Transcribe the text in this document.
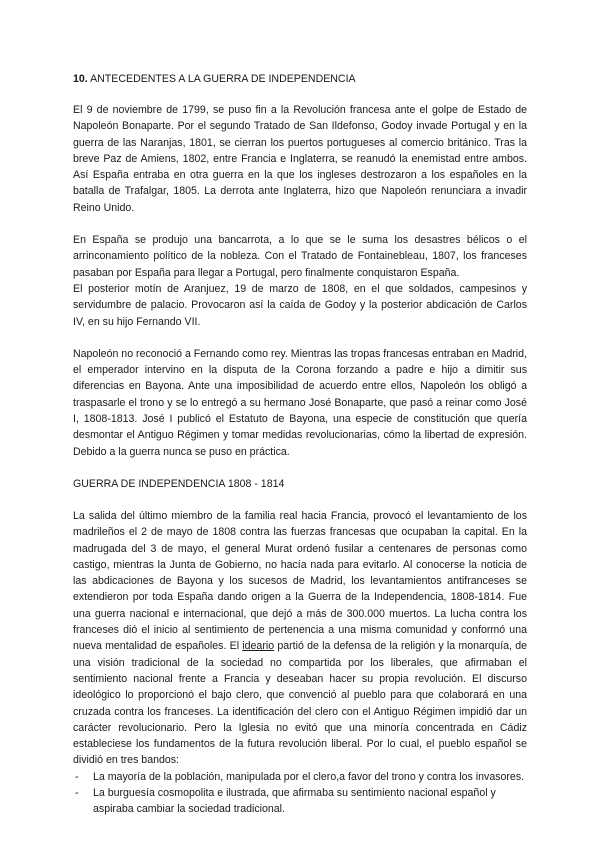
10. ANTECEDENTES A LA GUERRA DE INDEPENDENCIA

El 9 de noviembre de 1799, se puso fin a la Revolución francesa ante el golpe de Estado de Napoleón Bonaparte. Por el segundo Tratado de San Ildefonso, Godoy invade Portugal y en la guerra de las Naranjas, 1801, se cierran los puertos portugueses al comercio británico. Tras la breve Paz de Amiens, 1802, entre Francia e Inglaterra, se reanudó la enemistad entre ambos. Así España entraba en otra guerra en la que los ingleses destrozaron a los españoles en la batalla de Trafalgar, 1805. La derrota ante Inglaterra, hizo que Napoleón renunciara a invadir Reino Unido.

En España se produjo una bancarrota, a lo que se le suma los desastres bélicos o el arrinconamiento político de la nobleza. Con el Tratado de Fontainebleau, 1807, los franceses pasaban por España para llegar a Portugal, pero finalmente conquistaron España.

El posterior motín de Aranjuez, 19 de marzo de 1808, en el que soldados, campesinos y servidumbre de palacio. Provocaron así la caída de Godoy y la posterior abdicación de Carlos IV, en su hijo Fernando VII.

Napoleón no reconoció a Fernando como rey. Mientras las tropas francesas entraban en Madrid, el emperador intervino en la disputa de la Corona forzando a padre e hijo a dimitir sus diferencias en Bayona. Ante una imposibilidad de acuerdo entre ellos, Napoleón los obligó a traspasarle el trono y se lo entregó a su hermano José Bonaparte, que pasó a reinar como José I, 1808-1813. José I publicó el Estatuto de Bayona, una especie de constitución que quería desmontar el Antiguo Régimen y tomar medidas revolucionarias, cómo la libertad de expresión. Debido a la guerra nunca se puso en práctica.

GUERRA DE INDEPENDENCIA 1808 - 1814

La salida del último miembro de la familia real hacia Francia, provocó el levantamiento de los madrileños el 2 de mayo de 1808 contra las fuerzas francesas que ocupaban la capital. En la madrugada del 3 de mayo, el general Murat ordenó fusilar a centenares de personas como castigo, mientras la Junta de Gobierno, no hacía nada para evitarlo. Al conocerse la noticia de las abdicaciones de Bayona y los sucesos de Madrid, los levantamientos antifranceses se extendieron por toda España dando origen a la Guerra de la Independencia, 1808-1814. Fue una guerra nacional e internacional, que dejó a más de 300.000 muertos. La lucha contra los franceses dió el inicio al sentimiento de pertenencia a una misma comunidad y conformó una nueva mentalidad de españoles. El ideario partió de la defensa de la religión y la monarquía, de una visión tradicional de la sociedad no compartida por los liberales, que afirmaban el sentimiento nacional frente a Francia y deseaban hacer su propia revolución. El discurso ideológico lo proporcionó el bajo clero, que convenció al pueblo para que colaborará en una cruzada contra los franceses. La identificación del clero con el Antiguo Régimen impidió dar un carácter revolucionario. Pero la Iglesia no evitó que una minoría concentrada en Cádiz estableciese los fundamentos de la futura revolución liberal. Por lo cual, el pueblo español se dividió en tres bandos:

- La mayoría de la población, manipulada por el clero,a favor del trono y contra los invasores.
- La burguesía cosmopolita e ilustrada, que afirmaba su sentimiento nacional español y aspiraba cambiar la sociedad tradicional.
